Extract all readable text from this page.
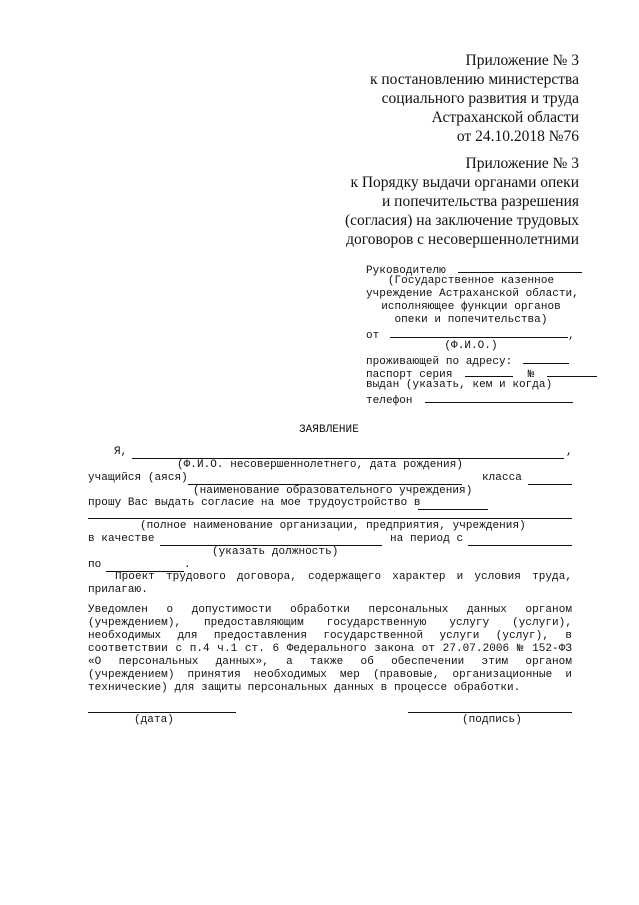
Приложение № 3
к постановлению министерства
социального развития и труда
Астраханской области
от 24.10.2018 №76
Приложение № 3
к Порядку выдачи органами опеки
и попечительства разрешения
(согласия) на заключение трудовых
договоров с несовершеннолетними
Руководителю
(Государственное казенное
учреждение Астраханской области,
исполняющее функции органов
опеки и попечительства)
от	,
(Ф.И.О.)
проживающей по адресу:
паспорт серия	№
выдан (указать, кем и когда)
телефон
ЗАЯВЛЕНИЕ
Я,	,
(Ф.И.О. несовершеннолетнего, дата рождения)
учащийся (аяся)	класса
(наименование образовательного учреждения)
прошу Вас выдать согласие на мое трудоустройство в
(полное наименование организации, предприятия, учреждения)
в качестве	на период с
(указать должность)
по	.
Проект трудового договора, содержащего характер и условия труда, прилагаю.
Уведомлен о допустимости обработки персональных данных органом (учреждением), предоставляющим государственную услугу (услуги), необходимых для предоставления государственной услуги (услуг), в соответствии с п.4 ч.1 ст. 6 Федерального закона от 27.07.2006 № 152-ФЗ «О персональных данных», а также об обеспечении этим органом (учреждением) принятия необходимых мер (правовые, организационные и технические) для защиты персональных данных в процессе обработки.
(дата)	(подпись)
